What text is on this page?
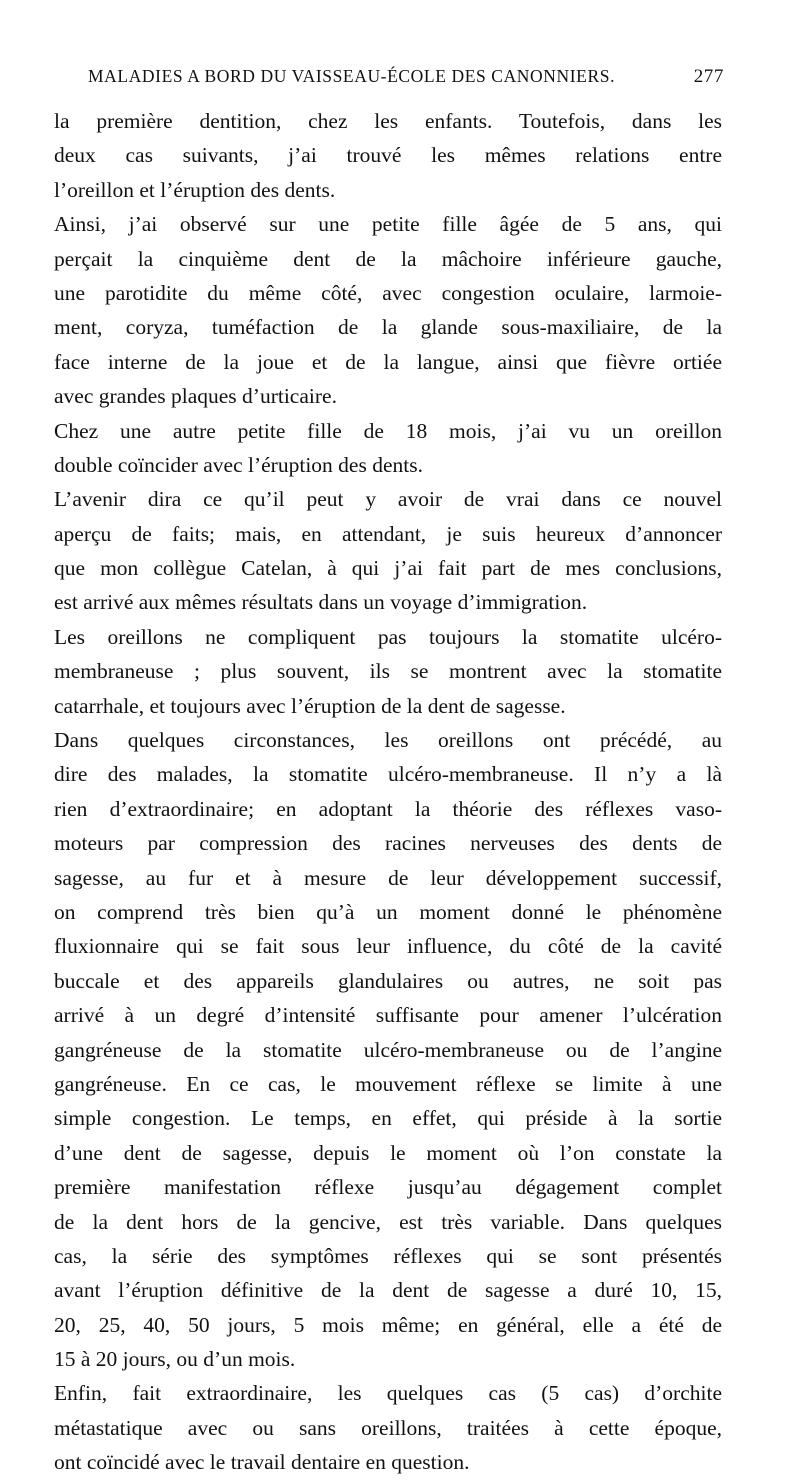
MALADIES A BORD DU VAISSEAU-ÉCOLE DES CANONNIERS.	277
la première dentition, chez les enfants. Toutefois, dans les
deux cas suivants, j’ai trouvé les mêmes relations entre
l’oreillon et l’éruption des dents.
Ainsi, j’ai observé sur une petite fille âgée de 5 ans, qui
perçait la cinquième dent de la mâchoire inférieure gauche,
une parotidite du même côté, avec congestion oculaire, larmoie-
ment, coryza, tuméfaction de la glande sous-maxiliaire, de la
face interne de la joue et de la langue, ainsi que fièvre ortiée
avec grandes plaques d’urticaire.
Chez une autre petite fille de 18 mois, j’ai vu un oreillon
double coïncider avec l’éruption des dents.
L’avenir dira ce qu’il peut y avoir de vrai dans ce nouvel
aperçu de faits; mais, en attendant, je suis heureux d’annoncer
que mon collègue Catelan, à qui j’ai fait part de mes conclusions,
est arrivé aux mêmes résultats dans un voyage d’immigration.
Les oreillons ne compliquent pas toujours la stomatite ulcéro-
membraneuse ; plus souvent, ils se montrent avec la stomatite
catarrhale, et toujours avec l’éruption de la dent de sagesse.
Dans quelques circonstances, les oreillons ont précédé, au
dire des malades, la stomatite ulcéro-membraneuse. Il n’y a là
rien d’extraordinaire; en adoptant la théorie des réflexes vaso-
moteurs par compression des racines nerveuses des dents de
sagesse, au fur et à mesure de leur développement successif,
on comprend très bien qu’à un moment donné le phénomène
fluxionnaire qui se fait sous leur influence, du côté de la cavité
buccale et des appareils glandulaires ou autres, ne soit pas
arrivé à un degré d’intensité suffisante pour amener l’ulcération
gangréneuse de la stomatite ulcéro-membraneuse ou de l’angine
gangréneuse. En ce cas, le mouvement réflexe se limite à une
simple congestion. Le temps, en effet, qui préside à la sortie
d’une dent de sagesse, depuis le moment où l’on constate la
première manifestation réflexe jusqu’au dégagement complet
de la dent hors de la gencive, est très variable. Dans quelques
cas, la série des symptômes réflexes qui se sont présentés
avant l’éruption définitive de la dent de sagesse a duré 10, 15,
20, 25, 40, 50 jours, 5 mois même; en général, elle a été de
15 à 20 jours, ou d’un mois.
Enfin, fait extraordinaire, les quelques cas (5 cas) d’orchite
métastatique avec ou sans oreillons, traitées à cette époque,
ont coïncidé avec le travail dentaire en question.
